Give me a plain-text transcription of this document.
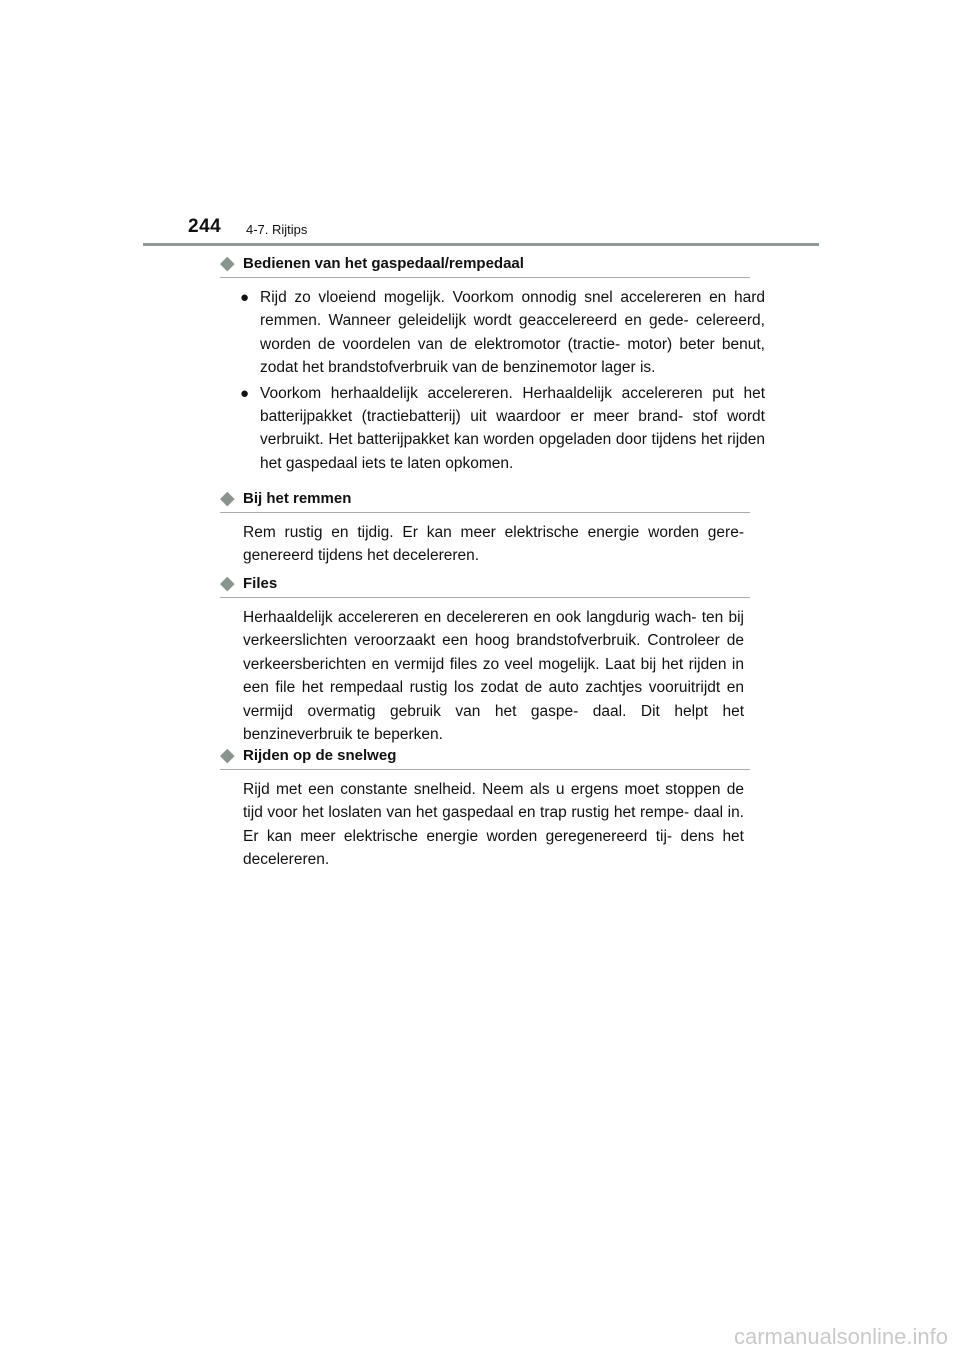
244 4-7. Rijtips
◆ Bedienen van het gaspedaal/rempedaal
● Rijd zo vloeiend mogelijk. Voorkom onnodig snel accelereren en hard remmen. Wanneer geleidelijk wordt geaccelereerd en gede- celereerd, worden de voordelen van de elektromotor (tractie- motor) beter benut, zodat het brandstofverbruik van de benzinemotor lager is.
● Voorkom herhaaldelijk accelereren. Herhaaldelijk accelereren put het batterijpakket (tractiebatterij) uit waardoor er meer brand- stof wordt verbruikt. Het batterijpakket kan worden opgeladen door tijdens het rijden het gaspedaal iets te laten opkomen.
◆ Bij het remmen
Rem rustig en tijdig. Er kan meer elektrische energie worden gere- genereerd tijdens het decelereren.
◆ Files
Herhaaldelijk accelereren en decelereren en ook langdurig wach- ten bij verkeerslichten veroorzaakt een hoog brandstofverbruik. Controleer de verkeersberichten en vermijd files zo veel mogelijk. Laat bij het rijden in een file het rempedaal rustig los zodat de auto zachtjes vooruitrijdt en vermijd overmatig gebruik van het gaspe- daal. Dit helpt het benzineverbruik te beperken.
◆ Rijden op de snelweg
Rijd met een constante snelheid. Neem als u ergens moet stoppen de tijd voor het loslaten van het gaspedaal en trap rustig het rempe- daal in. Er kan meer elektrische energie worden geregenereerd tij- dens het decelereren.
carmanualsonline.info
